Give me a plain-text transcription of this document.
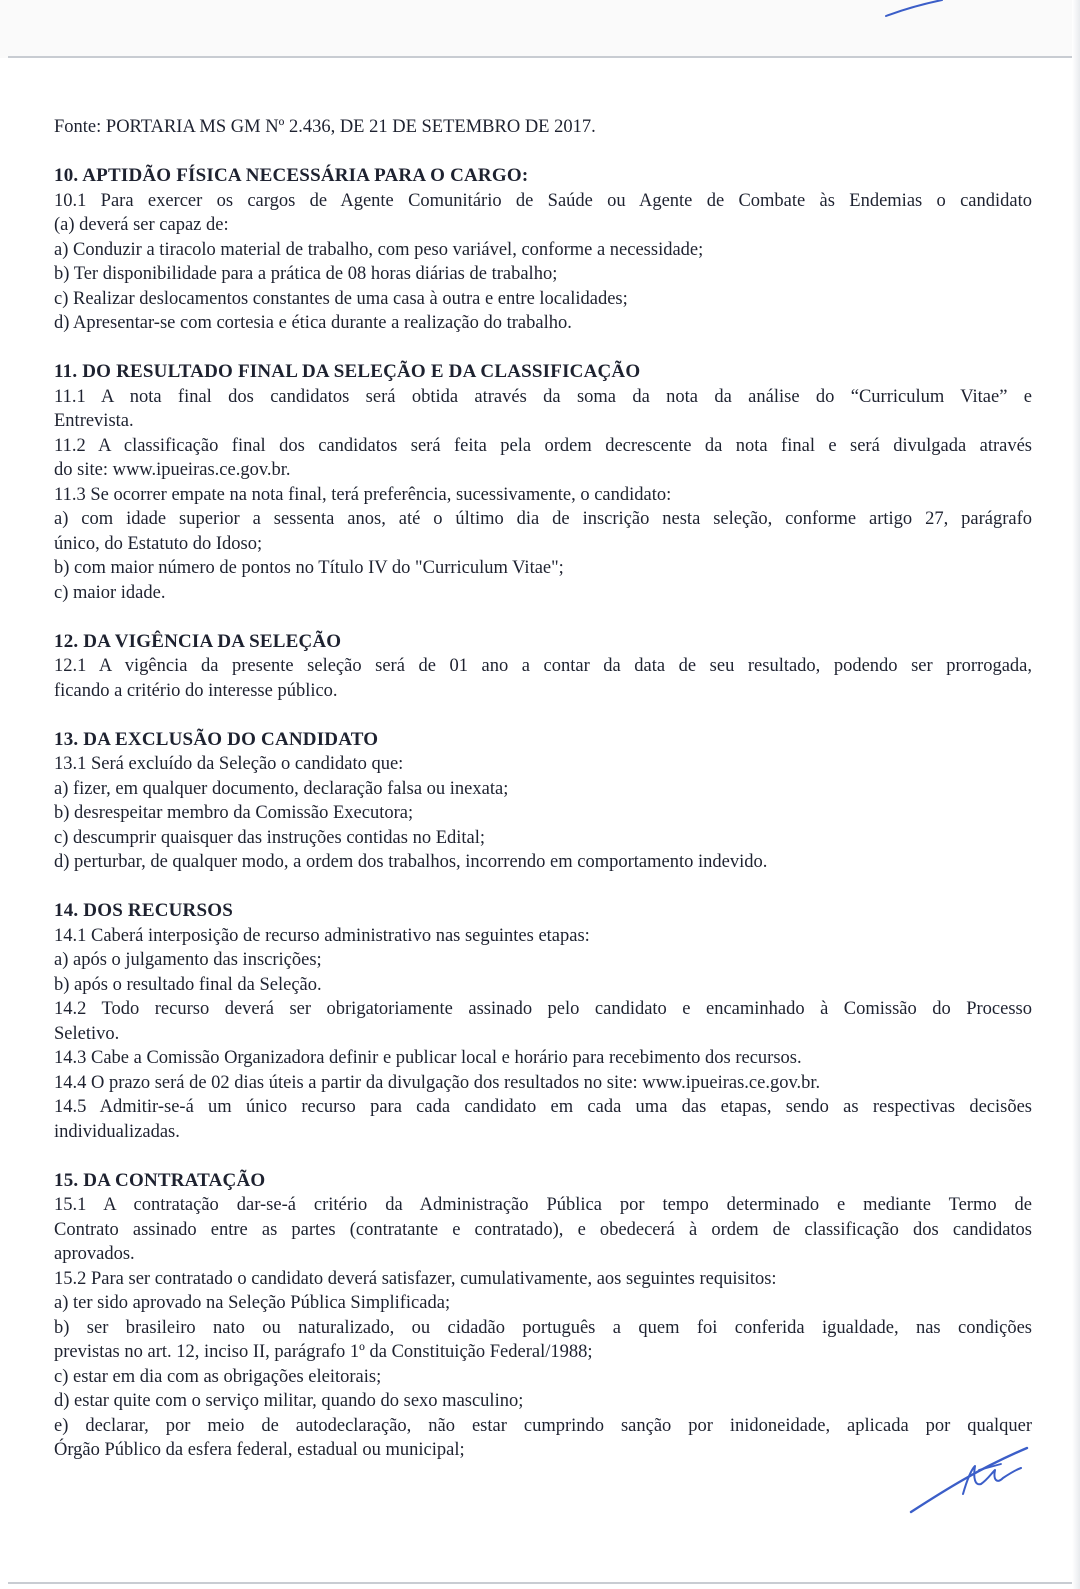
Fonte: PORTARIA MS GM Nº 2.436, DE 21 DE SETEMBRO DE 2017.
10. APTIDÃO FÍSICA NECESSÁRIA PARA O CARGO:
10.1 Para exercer os cargos de Agente Comunitário de Saúde ou Agente de Combate às Endemias o candidato
(a) deverá ser capaz de:
a) Conduzir a tiracolo material de trabalho, com peso variável, conforme a necessidade;
b) Ter disponibilidade para a prática de 08 horas diárias de trabalho;
c) Realizar deslocamentos constantes de uma casa à outra e entre localidades;
d) Apresentar-se com cortesia e ética durante a realização do trabalho.
11. DO RESULTADO FINAL DA SELEÇÃO E DA CLASSIFICAÇÃO
11.1 A nota final dos candidatos será obtida através da soma da nota da análise do “Curriculum Vitae” e
Entrevista.
11.2 A classificação final dos candidatos será feita pela ordem decrescente da nota final e será divulgada através
do site: www.ipueiras.ce.gov.br.
11.3 Se ocorrer empate na nota final, terá preferência, sucessivamente, o candidato:
a) com idade superior a sessenta anos, até o último dia de inscrição nesta seleção, conforme artigo 27, parágrafo
único, do Estatuto do Idoso;
b) com maior número de pontos no Título IV do "Curriculum Vitae";
c) maior idade.
12. DA VIGÊNCIA DA SELEÇÃO
12.1 A vigência da presente seleção será de 01 ano a contar da data de seu resultado, podendo ser prorrogada,
ficando a critério do interesse público.
13. DA EXCLUSÃO DO CANDIDATO
13.1 Será excluído da Seleção o candidato que:
a) fizer, em qualquer documento, declaração falsa ou inexata;
b) desrespeitar membro da Comissão Executora;
c) descumprir quaisquer das instruções contidas no Edital;
d) perturbar, de qualquer modo, a ordem dos trabalhos, incorrendo em comportamento indevido.
14. DOS RECURSOS
14.1 Caberá interposição de recurso administrativo nas seguintes etapas:
a) após o julgamento das inscrições;
b) após o resultado final da Seleção.
14.2 Todo recurso deverá ser obrigatoriamente assinado pelo candidato e encaminhado à Comissão do Processo
Seletivo.
14.3 Cabe a Comissão Organizadora definir e publicar local e horário para recebimento dos recursos.
14.4 O prazo será de 02 dias úteis a partir da divulgação dos resultados no site: www.ipueiras.ce.gov.br.
14.5 Admitir-se-á um único recurso para cada candidato em cada uma das etapas, sendo as respectivas decisões
individualizadas.
15. DA CONTRATAÇÃO
15.1 A contratação dar-se-á critério da Administração Pública por tempo determinado e mediante Termo de
Contrato assinado entre as partes (contratante e contratado), e obedecerá à ordem de classificação dos candidatos
aprovados.
15.2 Para ser contratado o candidato deverá satisfazer, cumulativamente, aos seguintes requisitos:
a) ter sido aprovado na Seleção Pública Simplificada;
b) ser brasileiro nato ou naturalizado, ou cidadão português a quem foi conferida igualdade, nas condições
previstas no art. 12, inciso II, parágrafo 1º da Constituição Federal/1988;
c) estar em dia com as obrigações eleitorais;
d) estar quite com o serviço militar, quando do sexo masculino;
e) declarar, por meio de autodeclaração, não estar cumprindo sanção por inidoneidade, aplicada por qualquer
Órgão Público da esfera federal, estadual ou municipal;
